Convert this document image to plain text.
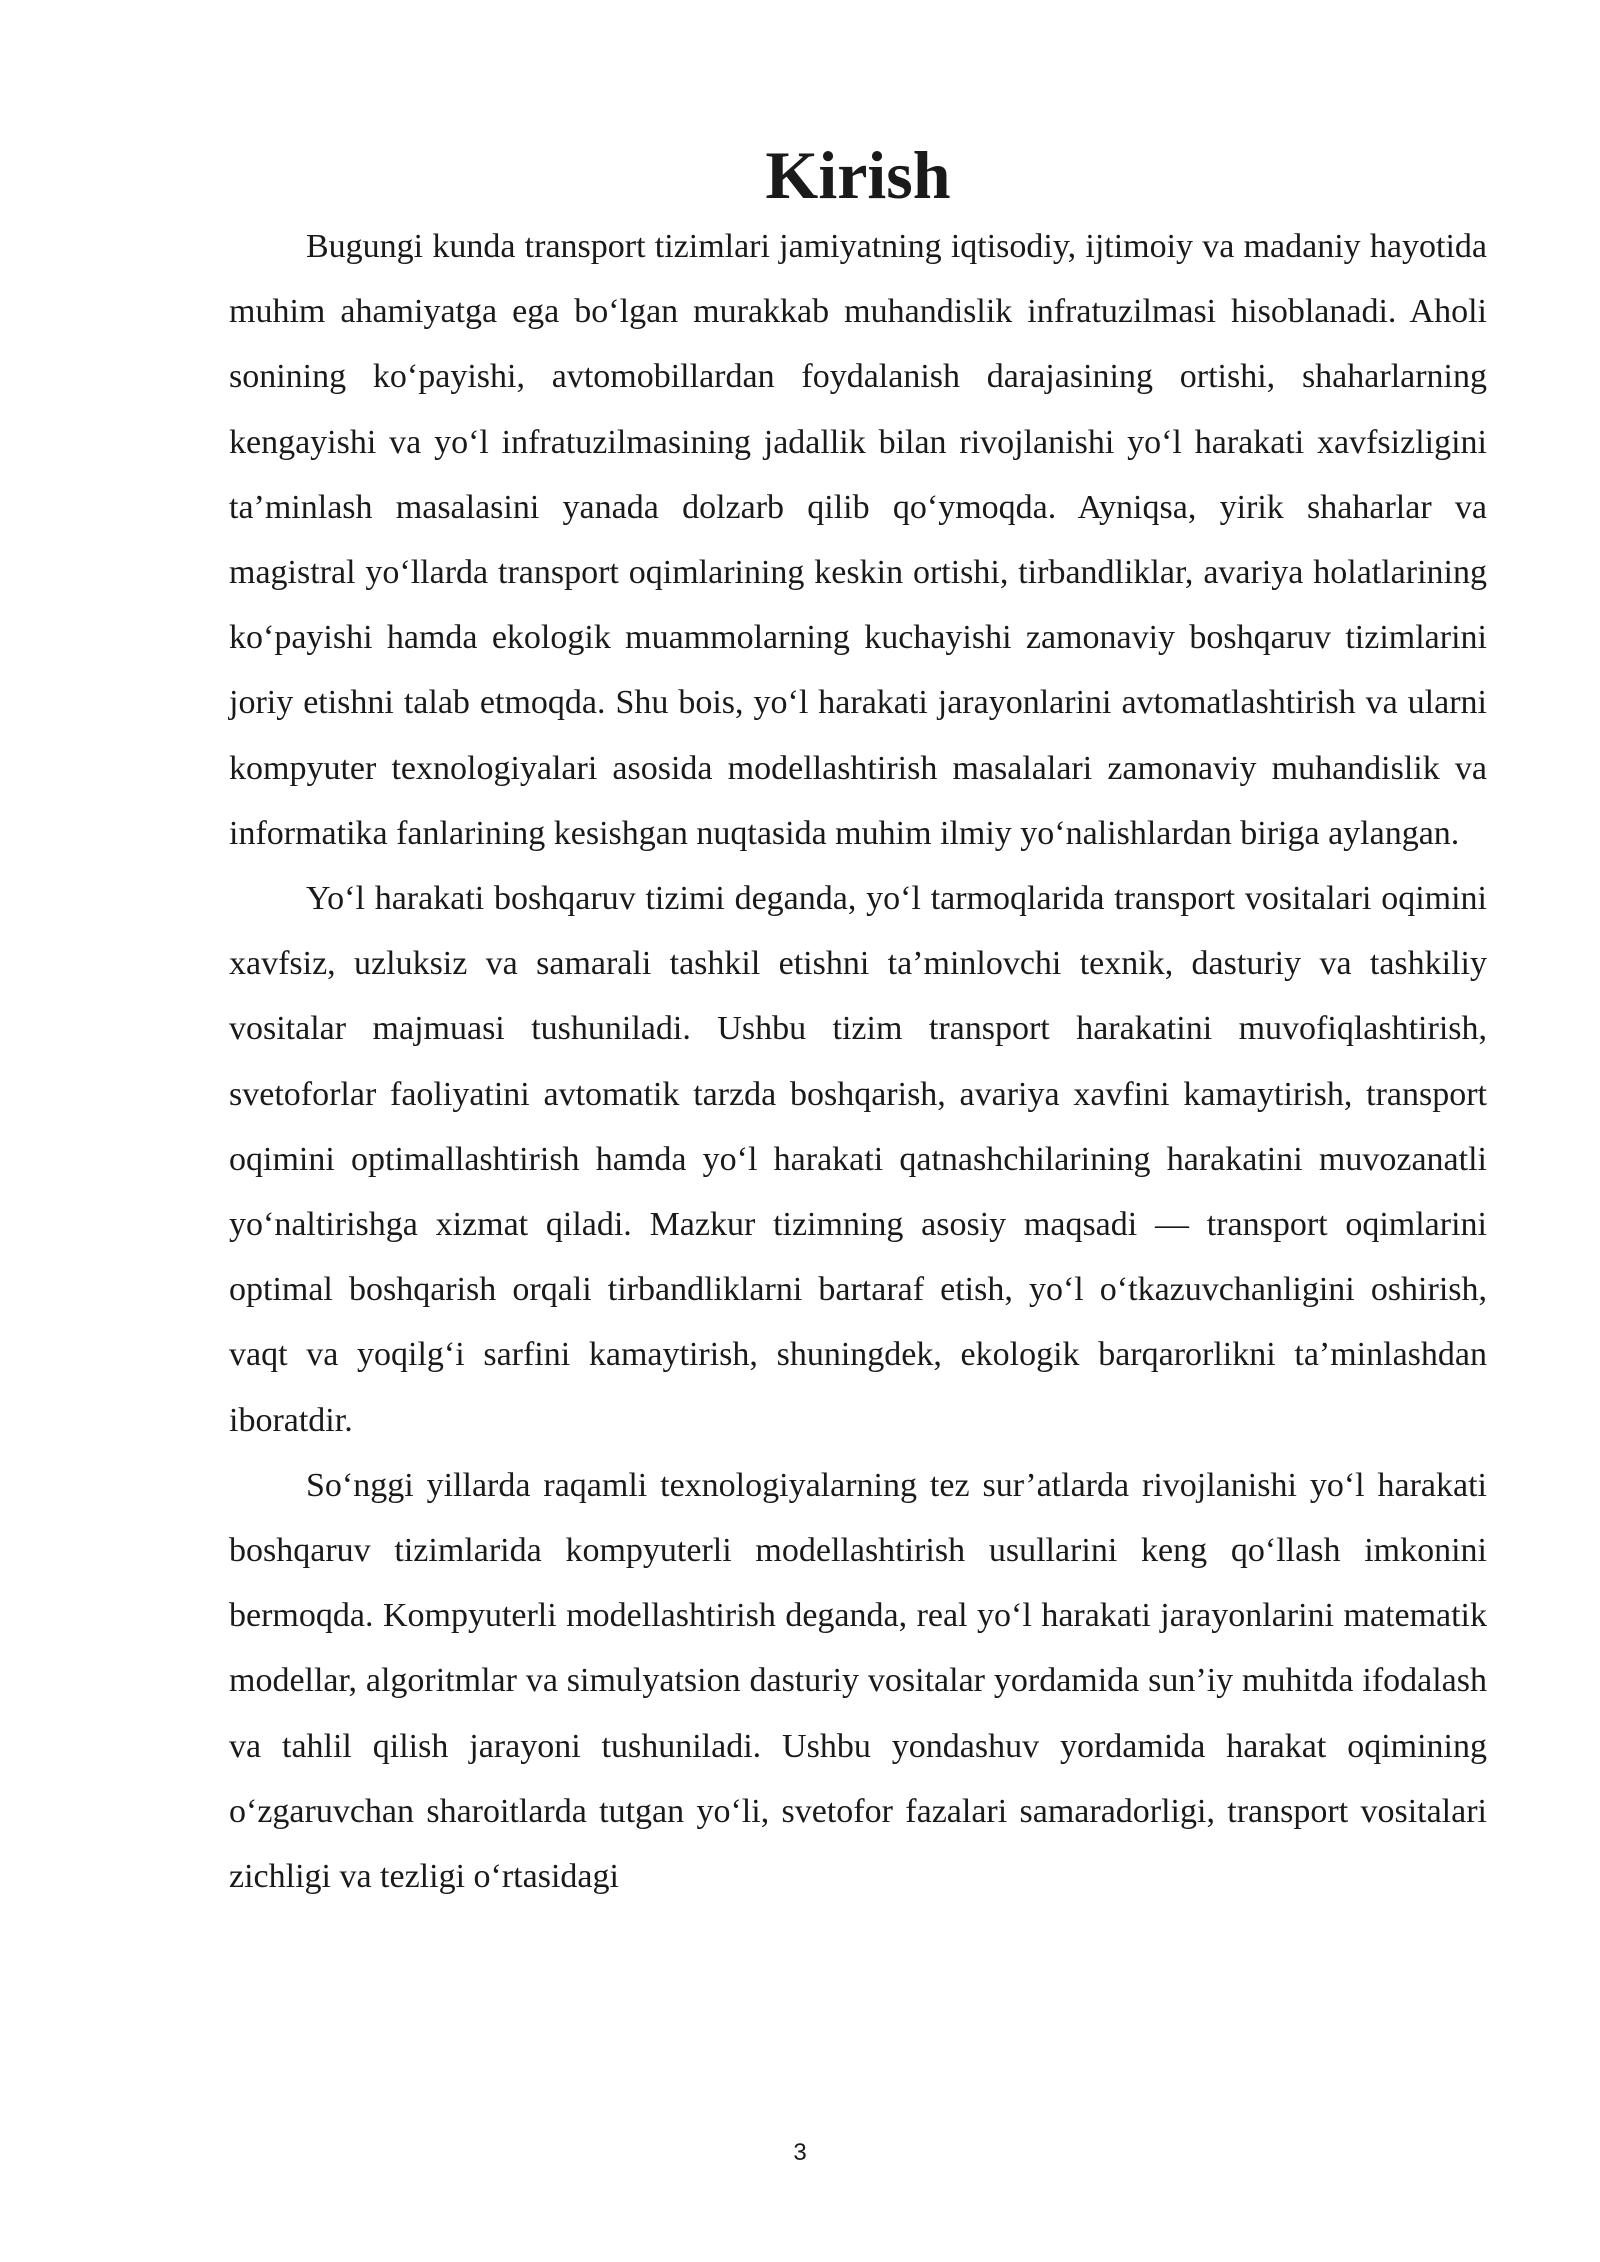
Kirish

Bugungi kunda transport tizimlari jamiyatning iqtisodiy, ijtimoiy va madaniy hayotida muhim ahamiyatga ega bo‘lgan murakkab muhandislik infratuzilmasi hisoblanadi. Aholi sonining ko‘payishi, avtomobillardan foydalanish darajasining ortishi, shaharlarning kengayishi va yo‘l infratuzilmasining jadallik bilan rivojlanishi yo‘l harakati xavfsizligini ta’minlash masalasini yanada dolzarb qilib qo‘ymoqda. Ayniqsa, yirik shaharlar va magistral yo‘llarda transport oqimlarining keskin ortishi, tirbandliklar, avariya holatlarining ko‘payishi hamda ekologik muammolarning kuchayishi zamonaviy boshqaruv tizimlarini joriy etishni talab etmoqda. Shu bois, yo‘l harakati jarayonlarini avtomatlashtirish va ularni kompyuter texnologiyalari asosida modellashtirish masalalari zamonaviy muhandislik va informatika fanlarining kesishgan nuqtasida muhim ilmiy yo‘nalishlardan biriga aylangan.

Yo‘l harakati boshqaruv tizimi deganda, yo‘l tarmoqlarida transport vositalari oqimini xavfsiz, uzluksiz va samarali tashkil etishni ta’minlovchi texnik, dasturiy va tashkiliy vositalar majmuasi tushuniladi. Ushbu tizim transport harakatini muvofiqlashtirish, svetoforlar faoliyatini avtomatik tarzda boshqarish, avariya xavfini kamaytirish, transport oqimini optimallashtirish hamda yo‘l harakati qatnashchilarining harakatini muvozanatli yo‘naltirishga xizmat qiladi. Mazkur tizimning asosiy maqsadi — transport oqimlarini optimal boshqarish orqali tirbandliklarni bartaraf etish, yo‘l o‘tkazuvchanligini oshirish, vaqt va yoqilg‘i sarfini kamaytirish, shuningdek, ekologik barqarorlikni ta’minlashdan iboratdir.

So‘nggi yillarda raqamli texnologiyalarning tez sur’atlarda rivojlanishi yo‘l harakati boshqaruv tizimlarida kompyuterli modellashtirish usullarini keng qo‘llash imkonini bermoqda. Kompyuterli modellashtirish deganda, real yo‘l harakati jarayonlarini matematik modellar, algoritmlar va simulyatsion dasturiy vositalar yordamida sun’iy muhitda ifodalash va tahlil qilish jarayoni tushuniladi. Ushbu yondashuv yordamida harakat oqimining o‘zgaruvchan sharoitlarda tutgan yo‘li, svetofor fazalari samaradorligi, transport vositalari zichligi va tezligi o‘rtasidagi

3
